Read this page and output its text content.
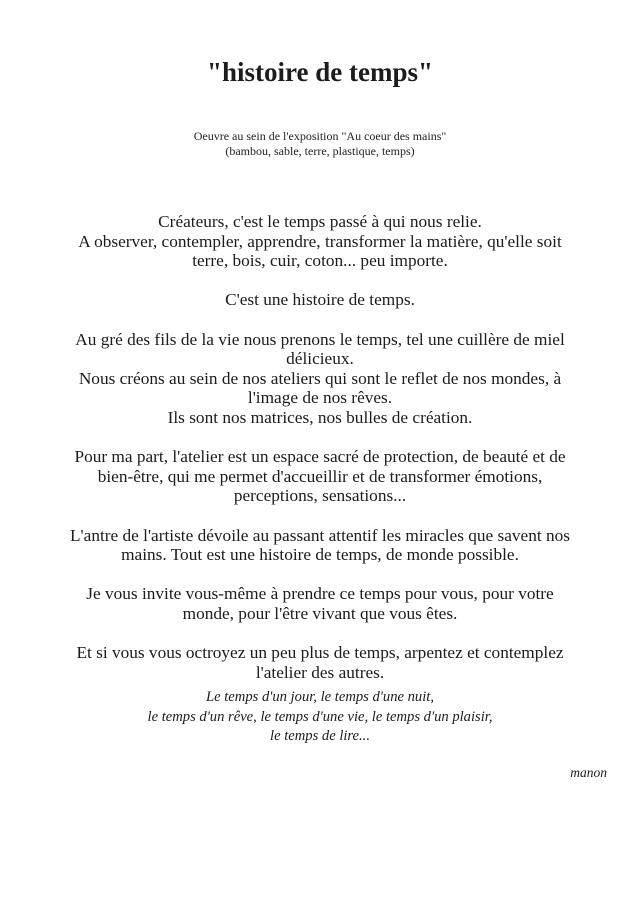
"histoire de temps"
Oeuvre au sein de l'exposition "Au coeur des mains"
(bambou, sable, terre, plastique, temps)
Créateurs, c'est le temps passé à qui nous relie.
A observer, contempler, apprendre, transformer la matière, qu'elle soit
terre, bois, cuir, coton... peu importe.
C'est une histoire de temps.
Au gré des fils de la vie nous prenons le temps, tel une cuillère de miel
délicieux.
Nous créons au sein de nos ateliers qui sont le reflet de nos mondes, à
l'image de nos rêves.
Ils sont nos matrices, nos bulles de création.
Pour ma part, l'atelier est un espace sacré de protection, de beauté et de
bien-être, qui me permet d'accueillir et de transformer émotions,
perceptions, sensations...
L'antre de l'artiste dévoile au passant attentif les miracles que savent nos
mains. Tout est une histoire de temps, de monde possible.
Je vous invite vous-même à prendre ce temps pour vous, pour votre
monde, pour l'être vivant que vous êtes.
Et si vous vous octroyez un peu plus de temps, arpentez et contemplez
l'atelier des autres.
Le temps d'un jour, le temps d'une nuit,
le temps d'un rêve, le temps d'une vie, le temps d'un plaisir,
le temps de lire...
manon
